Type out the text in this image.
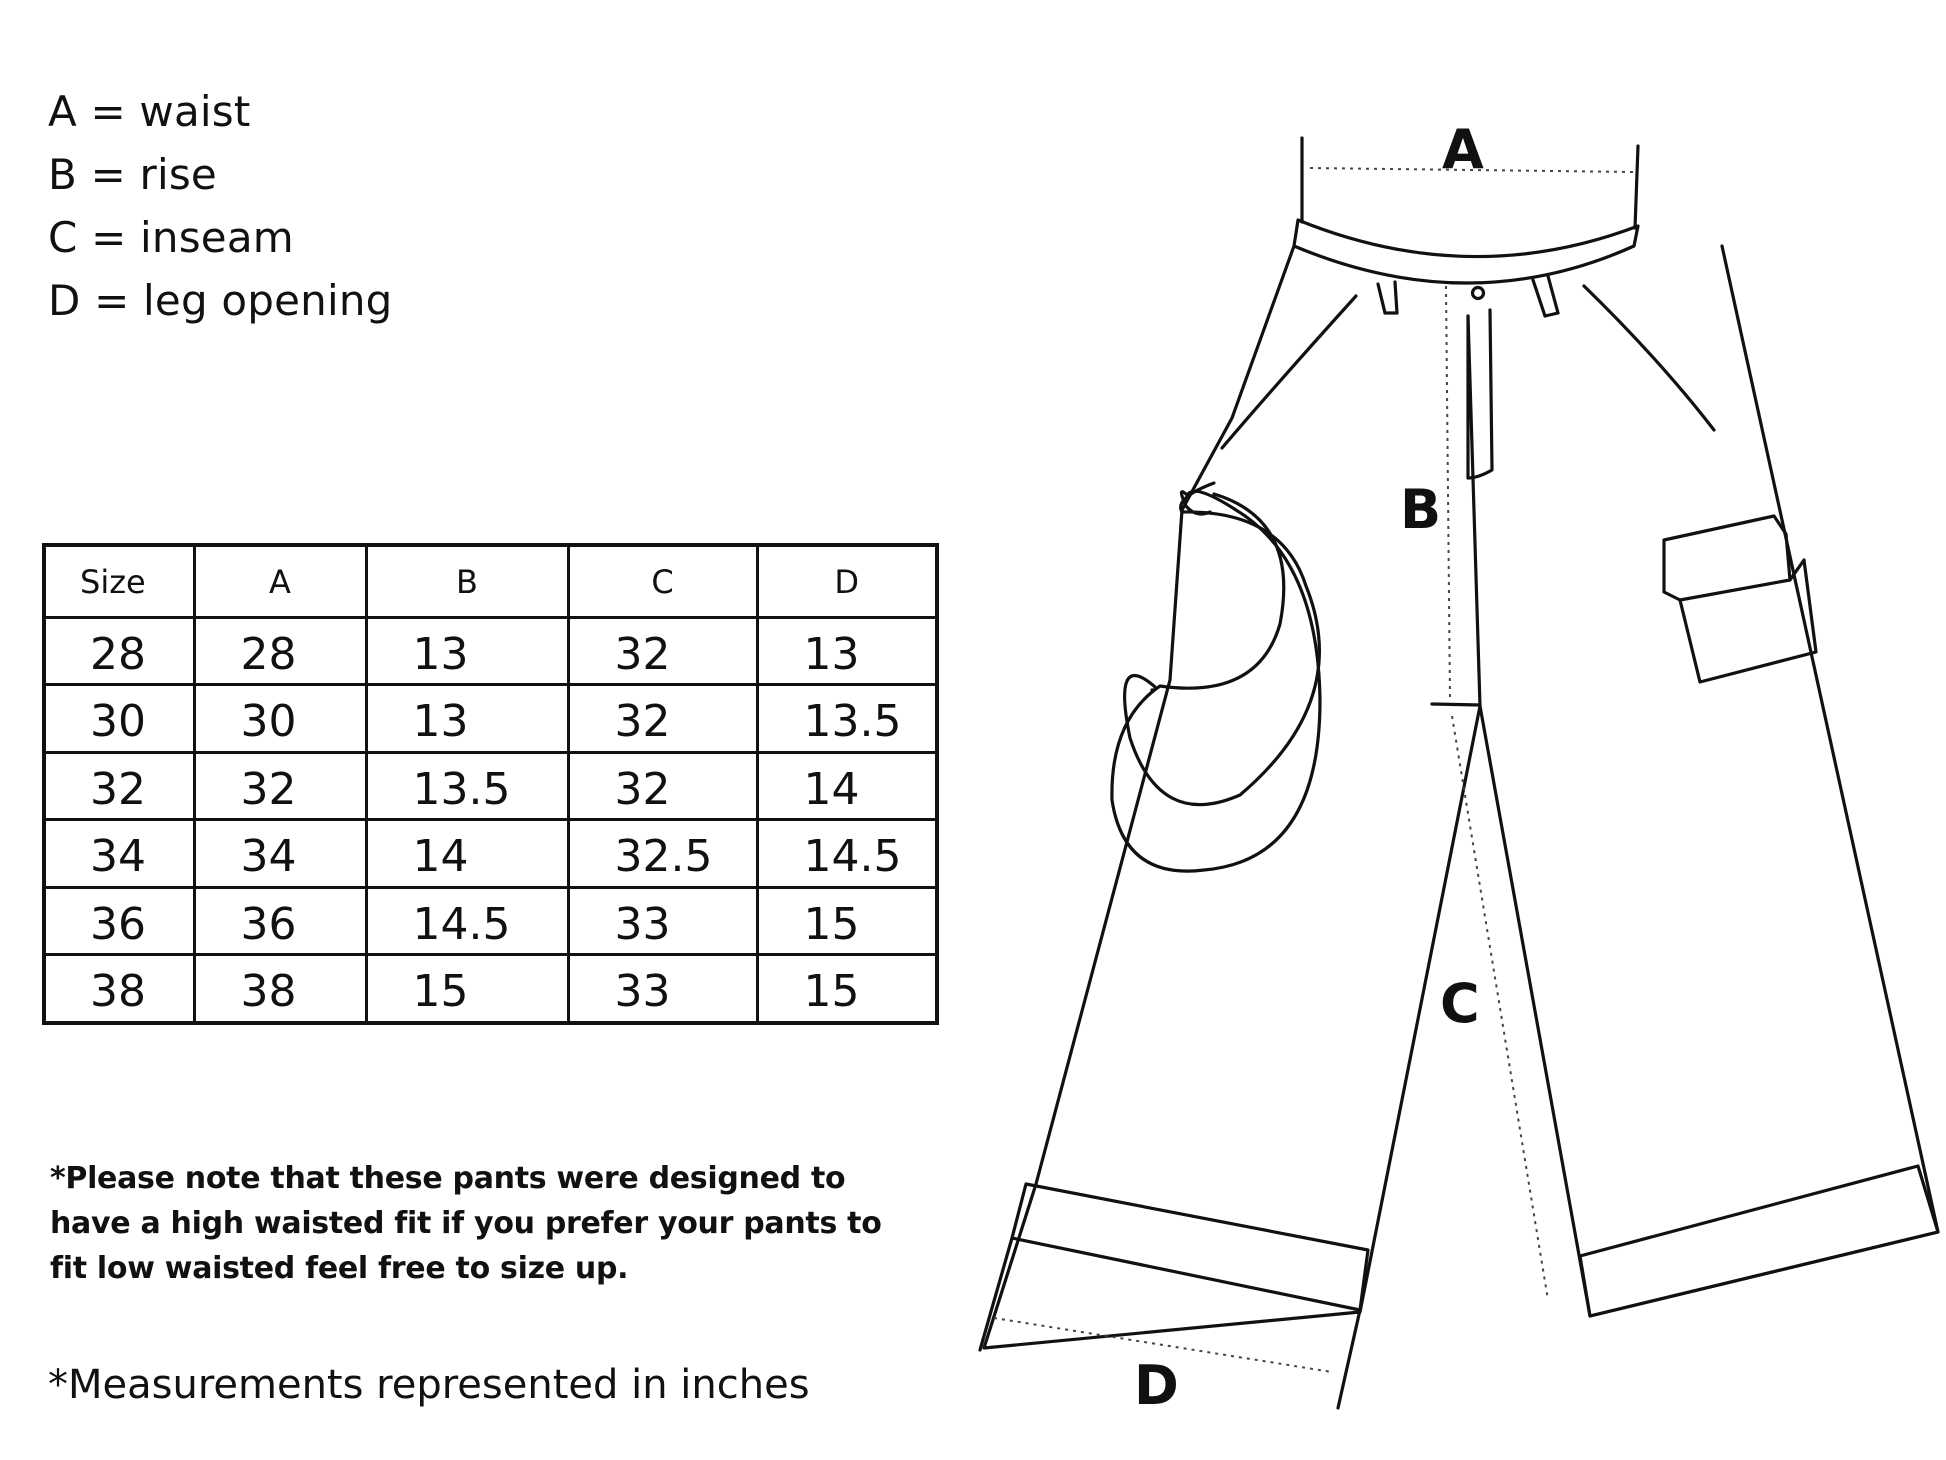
A = waist
B = rise
C = inseam
D = leg opening
Size	A	B	C	D
28	28	13	32	13
30	30	13	32	13.5
32	32	13.5	32	14
34	34	14	32.5	14.5
36	36	14.5	33	15
38	38	15	33	15
*Please note that these pants were designed to have a high waisted fit if you prefer your pants to fit low waisted feel free to size up.
*Measurements represented in inches
A
B
C
D
